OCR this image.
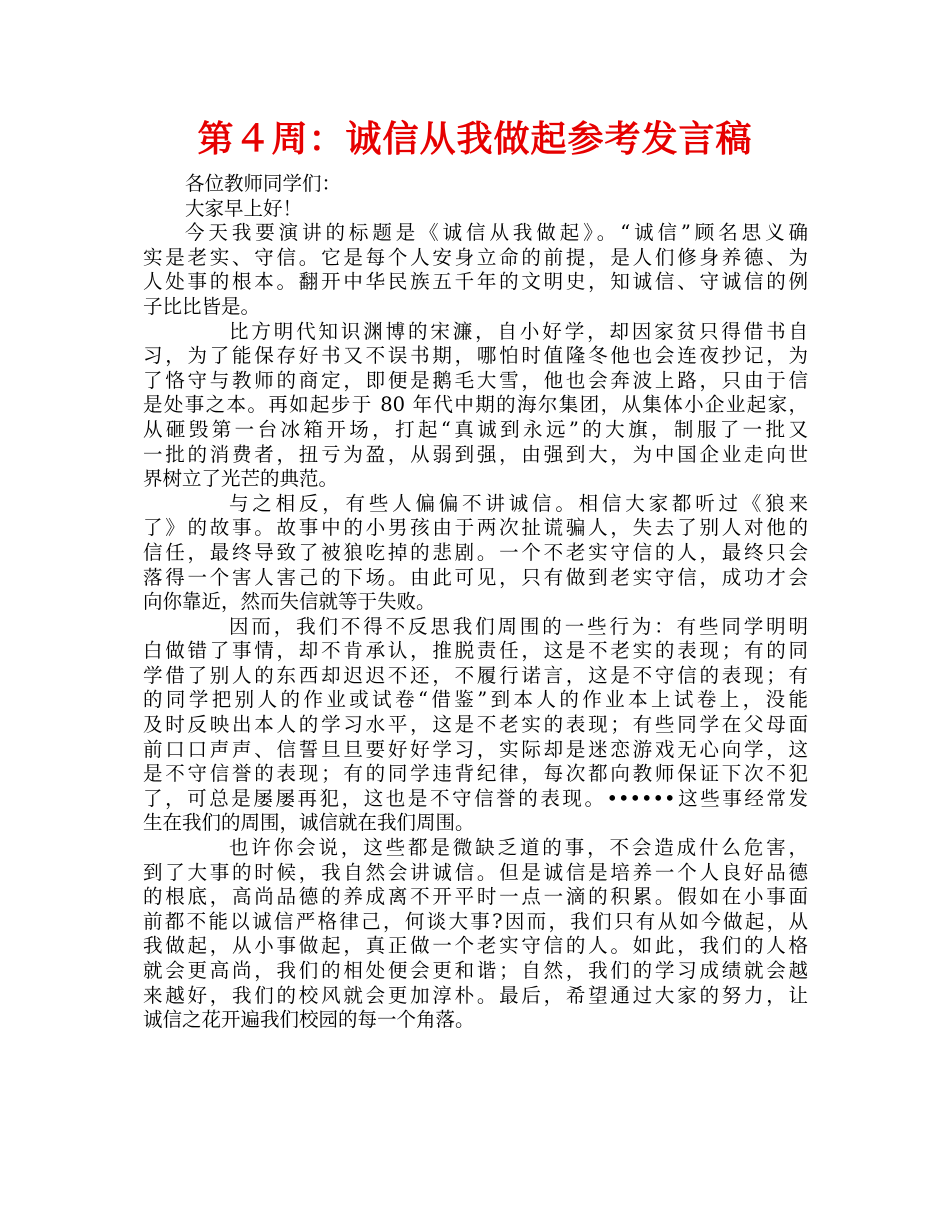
第４周：诚信从我做起参考发言稿
各位教师同学们：
大家早上好！
今天我要演讲的标题是《诚信从我做起》。“诚信”顾名思义确
实是老实、守信。它是每个人安身立命的前提，是人们修身养德、为
人处事的根本。翻开中华民族五千年的文明史，知诚信、守诚信的例
子比比皆是。
比方明代知识渊博的宋濂，自小好学，却因家贫只得借书自
习，为了能保存好书又不误书期，哪怕时值隆冬他也会连夜抄记，为
了恪守与教师的商定，即便是鹅毛大雪，他也会奔波上路，只由于信
是处事之本。再如起步于 80 年代中期的海尔集团，从集体小企业起家，
从砸毁第一台冰箱开场，打起“真诚到永远”的大旗，制服了一批又
一批的消费者，扭亏为盈，从弱到强，由强到大，为中国企业走向世
界树立了光芒的典范。
与之相反，有些人偏偏不讲诚信。相信大家都听过《狼来
了》的故事。故事中的小男孩由于两次扯谎骗人，失去了别人对他的
信任，最终导致了被狼吃掉的悲剧。一个不老实守信的人，最终只会
落得一个害人害己的下场。由此可见，只有做到老实守信，成功才会
向你靠近，然而失信就等于失败。
因而，我们不得不反思我们周围的一些行为：有些同学明明
白做错了事情，却不肯承认，推脱责任，这是不老实的表现；有的同
学借了别人的东西却迟迟不还，不履行诺言，这是不守信的表现；有
的同学把别人的作业或试卷“借鉴”到本人的作业本上试卷上，没能
及时反映出本人的学习水平，这是不老实的表现；有些同学在父母面
前口口声声、信誓旦旦要好好学习，实际却是迷恋游戏无心向学，这
是不守信誉的表现；有的同学违背纪律，每次都向教师保证下次不犯
了，可总是屡屡再犯，这也是不守信誉的表现。••••••这些事经常发
生在我们的周围，诚信就在我们周围。
也许你会说，这些都是微缺乏道的事，不会造成什么危害，
到了大事的时候，我自然会讲诚信。但是诚信是培养一个人良好品德
的根底，高尚品德的养成离不开平时一点一滴的积累。假如在小事面
前都不能以诚信严格律己，何谈大事?因而，我们只有从如今做起，从
我做起，从小事做起，真正做一个老实守信的人。如此，我们的人格
就会更高尚，我们的相处便会更和谐；自然，我们的学习成绩就会越
来越好，我们的校风就会更加淳朴。最后，希望通过大家的努力，让
诚信之花开遍我们校园的每一个角落。
